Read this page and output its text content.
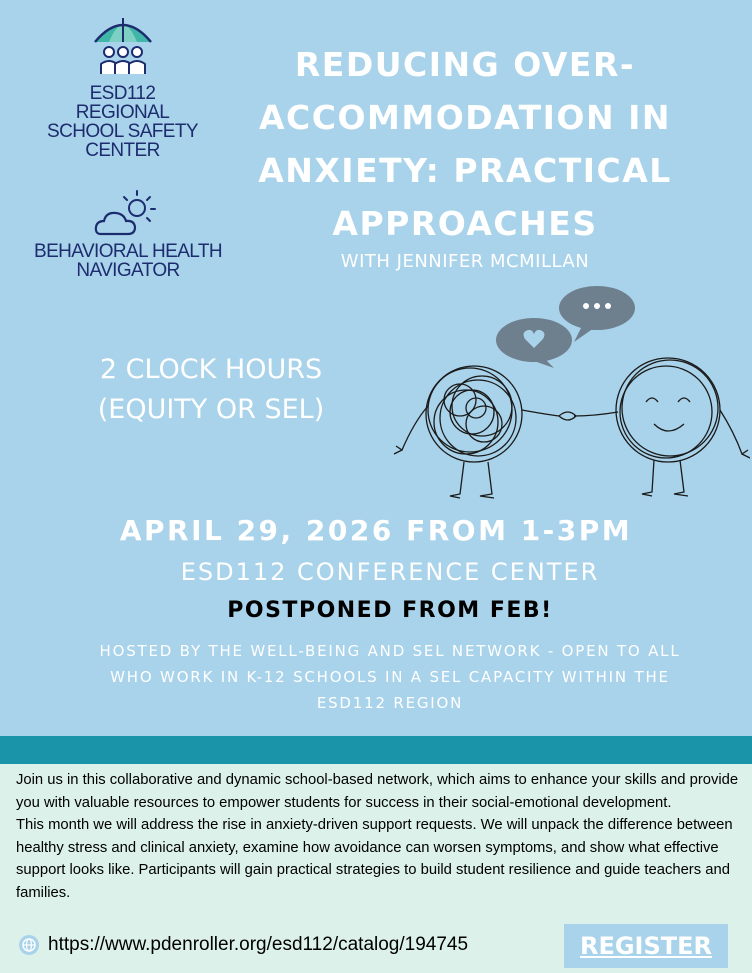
ESD112
REGIONAL
SCHOOL SAFETY
CENTER
BEHAVIORAL HEALTH
NAVIGATOR
REDUCING OVER-ACCOMMODATION IN ANXIETY: PRACTICAL APPROACHES
WITH JENNIFER MCMILLAN
2 CLOCK HOURS
(EQUITY OR SEL)
APRIL 29, 2026 FROM 1-3PM
ESD112 CONFERENCE CENTER
POSTPONED FROM FEB!
HOSTED BY THE WELL-BEING AND SEL NETWORK - OPEN TO ALL WHO WORK IN K-12 SCHOOLS IN A SEL CAPACITY WITHIN THE ESD112 REGION

Join us in this collaborative and dynamic school-based network, which aims to enhance your skills and provide you with valuable resources to empower students for success in their social-emotional development.

This month we will address the rise in anxiety-driven support requests. We will unpack the difference between healthy stress and clinical anxiety, examine how avoidance can worsen symptoms, and show what effective support looks like. Participants will gain practical strategies to build student resilience and guide teachers and families.

https://www.pdenroller.org/esd112/catalog/194745	REGISTER
